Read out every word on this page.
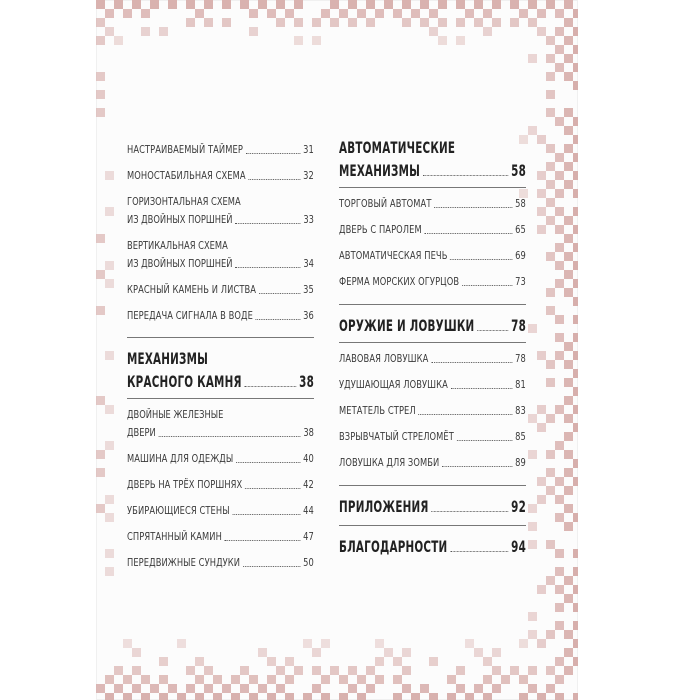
НАСТРАИВАЕМЫЙ ТАЙМЕР	31
МОНОСТАБИЛЬНАЯ СХЕМА	32
ГОРИЗОНТАЛЬНАЯ СХЕМА
ИЗ ДВОЙНЫХ ПОРШНЕЙ	33
ВЕРТИКАЛЬНАЯ СХЕМА
ИЗ ДВОЙНЫХ ПОРШНЕЙ	34
КРАСНЫЙ КАМЕНЬ И ЛИСТВА	35
ПЕРЕДАЧА СИГНАЛА В ВОДЕ	36
МЕХАНИЗМЫ
КРАСНОГО КАМНЯ	38
ДВОЙНЫЕ ЖЕЛЕЗНЫЕ
ДВЕРИ	38
МАШИНА ДЛЯ ОДЕЖДЫ	40
ДВЕРЬ НА ТРЁХ ПОРШНЯХ	42
УБИРАЮЩИЕСЯ СТЕНЫ	44
СПРЯТАННЫЙ КАМИН	47
ПЕРЕДВИЖНЫЕ СУНДУКИ	50
АВТОМАТИЧЕСКИЕ
МЕХАНИЗМЫ	58
ТОРГОВЫЙ АВТОМАТ	58
ДВЕРЬ С ПАРОЛЕМ	65
АВТОМАТИЧЕСКАЯ ПЕЧЬ	69
ФЕРМА МОРСКИХ ОГУРЦОВ	73
ОРУЖИЕ И ЛОВУШКИ 78
ЛАВОВАЯ ЛОВУШКА	78
УДУШАЮЩАЯ ЛОВУШКА	81
МЕТАТЕЛЬ СТРЕЛ	83
ВЗРЫВЧАТЫЙ СТРЕЛОМЁТ	85
ЛОВУШКА ДЛЯ ЗОМБИ	89
ПРИЛОЖЕНИЯ	92
БЛАГОДАРНОСТИ	94
